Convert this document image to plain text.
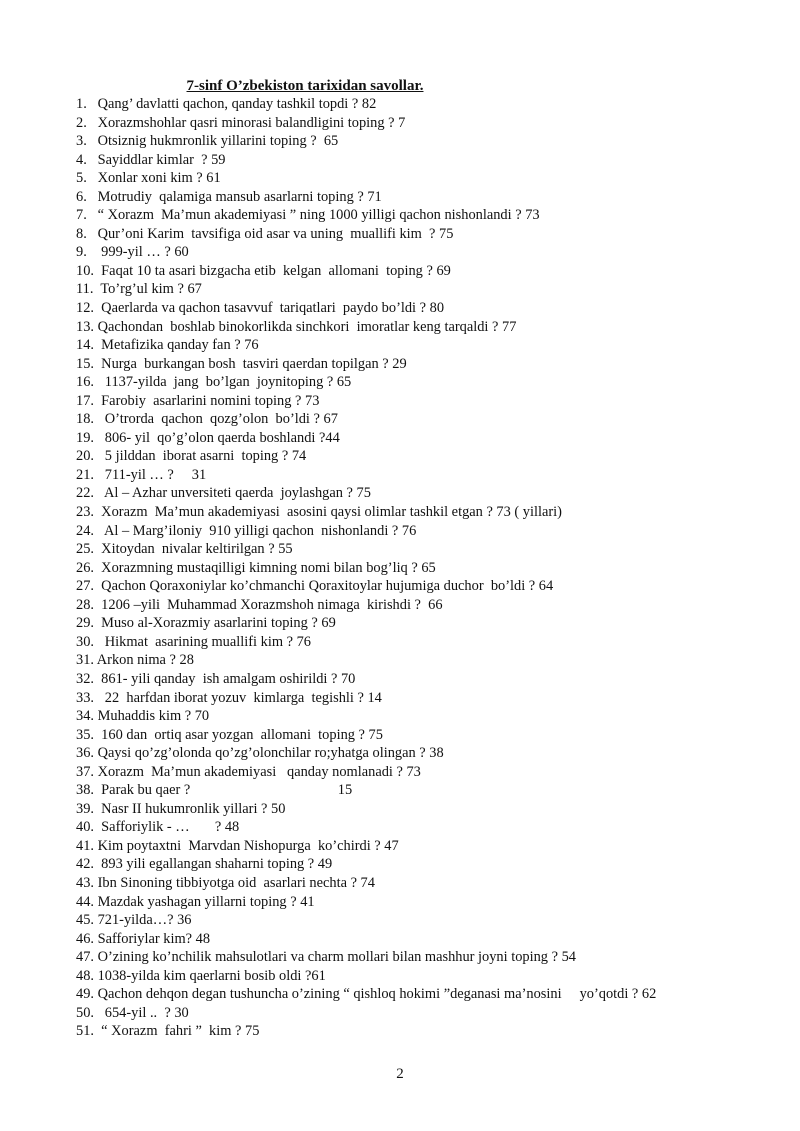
7-sinf O’zbekiston tarixidan savollar.
1.   Qang’ davlatti qachon, qanday tashkil topdi ? 82
2.   Xorazmshohlar qasri minorasi balandligini toping ? 7
3.   Otsiznig hukmronlik yillarini toping ?  65
4.   Sayiddlar kimlar  ? 59
5.   Xonlar xoni kim ? 61
6.   Motrudiy  qalamiga mansub asarlarni toping ? 71
7.   “ Xorazm  Ma’mun akademiyasi ” ning 1000 yilligi qachon nishonlandi ? 73
8.   Qur’oni Karim  tavsifiga oid asar va uning  muallifi kim  ? 75
9.    999-yil … ? 60
10.  Faqat 10 ta asari bizgacha etib  kelgan  allomani  toping ? 69
11.  To’rg’ul kim ? 67
12.  Qaerlarda va qachon tasavvuf  tariqatlari  paydo bo’ldi ? 80
13. Qachondan  boshlab binokorlikda sinchkori  imoratlar keng tarqaldi ? 77
14.  Metafizika qanday fan ? 76
15.  Nurga  burkangan bosh  tasviri qaerdan topilgan ? 29
16.   1137-yilda  jang  bo’lgan  joynitoping ? 65
17.  Farobiy  asarlarini nomini toping ? 73
18.   O’trorda  qachon  qozg’olon  bo’ldi ? 67
19.   806- yil  qo’g’olon qaerda boshlandi ?44
20.   5 jilddan  iborat asarni  toping ? 74
21.   711-yil … ?     31
22.   Al – Azhar unversiteti qaerda  joylashgan ? 75
23.  Xorazm  Ma’mun akademiyasi  asosini qaysi olimlar tashkil etgan ? 73 ( yillari)
24.   Al – Marg’iloniy  910 yilligi qachon  nishonlandi ? 76
25.  Xitoydan  nivalar keltirilgan ? 55
26.  Xorazmning mustaqilligi kimning nomi bilan bog’liq ? 65
27.  Qachon Qoraxoniylar ko’chmanchi Qoraxitoylar hujumiga duchor  bo’ldi ? 64
28.  1206 –yili  Muhammad Xorazmshoh nimaga  kirishdi ?  66
29.  Muso al-Xorazmiy asarlarini toping ? 69
30.   Hikmat  asarining muallifi kim ? 76
31. Arkon nima ? 28
32.  861- yili qanday  ish amalgam oshirildi ? 70
33.   22  harfdan iborat yozuv  kimlarga  tegishli ? 14
34. Muhaddis kim ? 70
35.  160 dan  ortiq asar yozgan  allomani  toping ? 75
36. Qaysi qo’zg’olonda qo’zg’olonchilar ro;yhatga olingan ? 38
37. Xorazm  Ma’mun akademiyasi   qanday nomlanadi ? 73
38.  Parak bu qaer ?                                         15
39.  Nasr II hukumronlik yillari ? 50
40.  Safforiylik - …       ? 48
41. Kim poytaxtni  Marvdan Nishopurga  ko’chirdi ? 47
42.  893 yili egallangan shaharni toping ? 49
43. Ibn Sinoning tibbiyotga oid  asarlari nechta ? 74
44. Mazdak yashagan yillarni toping ? 41
45. 721-yilda…? 36
46. Safforiylar kim? 48
47. O’zining ko’nchilik mahsulotlari va charm mollari bilan mashhur joyni toping ? 54
48. 1038-yilda kim qaerlarni bosib oldi ?61
49. Qachon dehqon degan tushuncha o’zining “ qishloq hokimi ”deganasi ma’nosini     yo’qotdi ? 62
50.   654-yil ..  ? 30
51.  “ Xorazm  fahri ”  kim ? 75
2
